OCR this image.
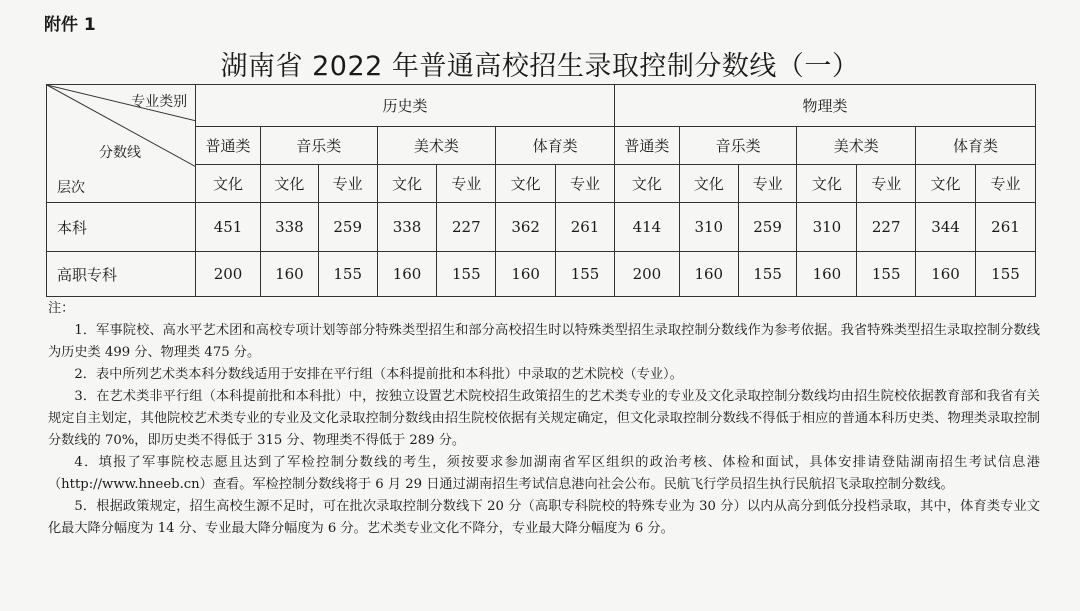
附件 1
湖南省 2022 年普通高校招生录取控制分数线（一）
专业类别
分数线
层次	历史类							物理类						
	普通类	音乐类		美术类		体育类		普通类	音乐类		美术类		体育类	
	文化	文化	专业	文化	专业	文化	专业	文化	文化	专业	文化	专业	文化	专业
本科	451	338	259	338	227	362	261	414	310	259	310	227	344	261
高职专科	200	160	155	160	155	160	155	200	160	155	160	155	160	155

注：

1．军事院校、高水平艺术团和高校专项计划等部分特殊类型招生和部分高校招生时以特殊类型招生录取控制分数线作为参考依据。我省特殊类型招生录取控制分数线为历史类 499 分、物理类 475 分。

2．表中所列艺术类本科分数线适用于安排在平行组（本科提前批和本科批）中录取的艺术院校（专业）。

3．在艺术类非平行组（本科提前批和本科批）中，按独立设置艺术院校招生政策招生的艺术类专业的专业及文化录取控制分数线均由招生院校依据教育部和我省有关规定自主划定，其他院校艺术类专业的专业及文化录取控制分数线由招生院校依据有关规定确定，但文化录取控制分数线不得低于相应的普通本科历史类、物理类录取控制分数线的 70%，即历史类不得低于 315 分、物理类不得低于 289 分。

4．填报了军事院校志愿且达到了军检控制分数线的考生，须按要求参加湖南省军区组织的政治考核、体检和面试，具体安排请登陆湖南招生考试信息港（http://www.hneeb.cn）查看。军检控制分数线将于 6 月 29 日通过湖南招生考试信息港向社会公布。民航飞行学员招生执行民航招飞录取控制分数线。

5．根据政策规定，招生高校生源不足时，可在批次录取控制分数线下 20 分（高职专科院校的特殊专业为 30 分）以内从高分到低分投档录取，其中，体育类专业文化最大降分幅度为 14 分、专业最大降分幅度为 6 分。艺术类专业文化不降分，专业最大降分幅度为 6 分。
